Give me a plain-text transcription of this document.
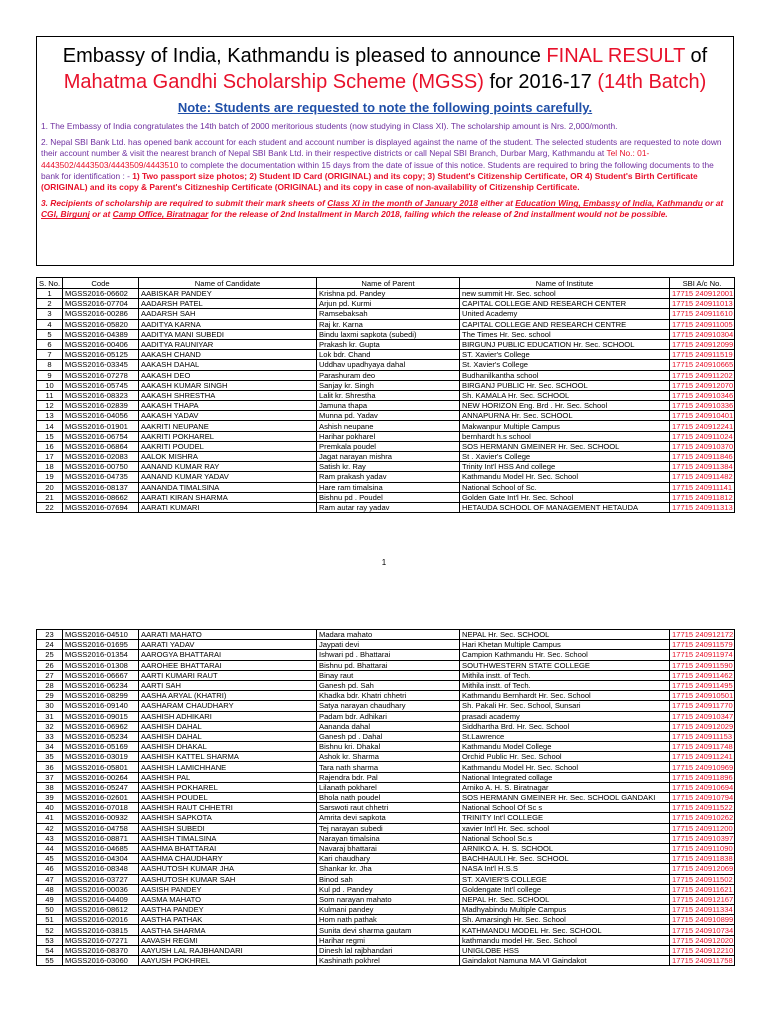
Embassy of India, Kathmandu is pleased to announce FINAL RESULT of
Mahatma Gandhi Scholarship Scheme (MGSS) for 2016-17 (14th Batch)
Note: Students are requested to note the following points carefully.
1. The Embassy of India congratulates the 14th batch of 2000 meritorious students (now studying in Class XI). The scholarship amount is Nrs. 2,000/month.
2. Nepal SBI Bank Ltd. has opened bank account for each student and account number is displayed against the name of the student. The selected students are requested to note down their account number & visit the nearest branch of Nepal SBI Bank Ltd. in their respective districts or call Nepal SBI Branch, Durbar Marg, Kathmandu at Tel No.: 01-4443502/4443503/4443509/4443510 to complete the documentation within 15 days from the date of issue of this notice. Students are required to bring the following documents to the bank for identification : - 1) Two passport size photos; 2) Student ID Card (ORIGINAL) and its copy; 3) Student's Citizenship Certificate, OR 4) Student's Birth Certificate (ORIGINAL) and its copy & Parent's Citizneship Certificate (ORIGINAL) and its copy in case of non-availability of Citizenship Certificate.
3. Recipients of scholarship are required to submit their mark sheets of Class XI in the month of January 2018 either at Education Wing, Embassy of India, Kathmandu or at CGI, Birgunj or at Camp Office, Biratnagar for the release of 2nd Installment in March 2018, failing which the release of 2nd installment would not be possible.
S. No.	Code	Name of Candidate	Name of Parent	Name of Institute	SBI A/c No.
1	MGSS2016-06602	AABISKAR PANDEY	Krishna pd. Pandey	new summit Hr. Sec. school	17715 240912001
2	MGSS2016-07704	AADARSH PATEL	Arjun pd. Kurmi	CAPITAL COLLEGE AND RESEARCH CENTER	17715 240911013
3	MGSS2016-00286	AADARSH SAH	Ramsebaksah	United Academy	17715 240911610
4	MGSS2016-05820	AADITYA KARNA	Raj kr. Karna	CAPITAL COLLEGE AND RESEARCH CENTRE	17715 240911005
5	MGSS2016-04389	AADITYA MANI SUBEDI	Bindu laxmi sapkota (subedi)	The Times Hr. Sec. school	17715 240910304
6	MGSS2016-00406	AADITYA RAUNIYAR	Prakash kr. Gupta	BIRGUNJ PUBLIC EDUCATION Hr. Sec. SCHOOL	17715 240912099
7	MGSS2016-05125	AAKASH CHAND	Lok bdr. Chand	ST. Xavier's College	17715 240911519
8	MGSS2016-03345	AAKASH DAHAL	Uddhav upadhyaya dahal	St. Xavier's College	17715 240910665
9	MGSS2016-07278	AAKASH DEO	Parashuram deo	Budhanilkantha school	17715 240911202
10	MGSS2016-05745	AAKASH KUMAR SINGH	Sanjay kr. Singh	BIRGANJ PUBLIC Hr. Sec. SCHOOL	17715 240912070
11	MGSS2016-08323	AAKASH SHRESTHA	Lalit kr. Shrestha	Sh. KAMALA Hr. Sec. SCHOOL	17715 240910346
12	MGSS2016-02839	AAKASH THAPA	Jamuna thapa	NEW HORIZON Eng. Brd . Hr. Sec. School	17715 240910336
13	MGSS2016-04056	AAKASH YADAV	Munna pd. Yadav	ANNAPURNA Hr. Sec. SCHOOL	17715 240910401
14	MGSS2016-01901	AAKRITI NEUPANE	Ashish neupane	Makwanpur Multiple Campus	17715 240912241
15	MGSS2016-06754	AAKRITI POKHAREL	Harihar pokharel	bernhardt h.s school	17715 240911024
16	MGSS2016-06864	AAKRITI POUDEL	Premkala poudel	SOS HERMANN GMEINER Hr. Sec. SCHOOL	17715 240910370
17	MGSS2016-02083	AALOK MISHRA	Jagat narayan mishra	St . Xavier's College	17715 240911846
18	MGSS2016-00750	AANAND KUMAR RAY	Satish kr. Ray	Trinity Int'l HSS And college	17715 240911384
19	MGSS2016-04735	AANAND KUMAR YADAV	Ram prakash yadav	Kathmandu Model Hr. Sec. School	17715 240911482
20	MGSS2016-08137	AANANDA TIMALSINA	Hare ram timalsina	National School of Sc.	17715 240911141
21	MGSS2016-08662	AARATI KIRAN SHARMA	Bishnu pd . Poudel	Golden Gate Int'l Hr. Sec. School	17715 240911812
22	MGSS2016-07694	AARATI KUMARI	Ram autar ray yadav	HETAUDA SCHOOL OF MANAGEMENT HETAUDA	17715 240911313
1
23	MGSS2016-04510	AARATI MAHATO	Madara mahato	NEPAL Hr. Sec. SCHOOL	17715 240912172
24	MGSS2016-01695	AARATI YADAV	Jaypati devi	Hari Khetan Multiple Campus	17715 240911579
25	MGSS2016-01354	AAROGYA BHATTARAI	Ishwari pd . Bhattarai	Campion Kathmandu Hr. Sec. School	17715 240911974
26	MGSS2016-01308	AAROHEE BHATTARAI	Bishnu pd. Bhattarai	SOUTHWESTERN STATE COLLEGE	17715 240911590
27	MGSS2016-06667	AARTI KUMARI RAUT	Binay raut	Mithila instt. of Tech.	17715 240911462
28	MGSS2016-06234	AARTI SAH	Ganesh pd. Sah	Mithila instt. of Tech.	17715 240911495
29	MGSS2016-08299	AASHA ARYAL (KHATRI)	Khadka bdr. Khatri chhetri	Kathmandu Bernhardt Hr. Sec. School	17715 240910501
30	MGSS2016-09140	AASHARAM CHAUDHARY	Satya narayan chaudhary	Sh. Pakali Hr. Sec. School, Sunsari	17715 240911770
31	MGSS2016-09015	AASHISH ADHIKARI	Padam bdr. Adhikari	prasadi academy	17715 240910347
32	MGSS2016-06962	AASHISH DAHAL	Aananda dahal	Siddhartha Brd. Hr. Sec. School	17715 240912029
33	MGSS2016-05234	AASHISH DAHAL	Ganesh pd . Dahal	St.Lawrence	17715 240911153
34	MGSS2016-05169	AASHISH DHAKAL	Bishnu kri. Dhakal	Kathmandu Model College	17715 240911748
35	MGSS2016-03019	AASHISH KATTEL SHARMA	Ashok kr. Sharma	Orchid Public Hr. Sec. School	17715 240911241
36	MGSS2016-05801	AASHISH LAMICHHANE	Tara nath sharma	Kathmandu Model Hr. Sec. School	17715 240910969
37	MGSS2016-00264	AASHISH PAL	Rajendra bdr. Pal	National Integrated collage	17715 240911896
38	MGSS2016-05247	AASHISH POKHAREL	Lilanath pokharel	Arniko A. H. S. Biratnagar	17715 240910694
39	MGSS2016-02601	AASHISH POUDEL	Bhola nath poudel	SOS HERMANN GMEINER Hr. Sec. SCHOOL GANDAKI	17715 240910794
40	MGSS2016-07018	AASHISH RAUT CHHETRI	Sarswoti raut chhetri	National School Of Sc s	17715 240911522
41	MGSS2016-00932	AASHISH SAPKOTA	Amrita devi sapkota	TRINITY Int'l COLLEGE	17715 240910262
42	MGSS2016-04758	AASHISH SUBEDI	Tej narayan subedi	xavier Int'l Hr. Sec. school	17715 240911200
43	MGSS2016-08871	AASHISH TIMALSINA	Narayan timalsina	National School Sc.s	17715 240910397
44	MGSS2016-04685	AASHMA BHATTARAI	Navaraj bhattarai	ARNIKO A. H. S. SCHOOL	17715 240911090
45	MGSS2016-04304	AASHMA CHAUDHARY	Kari chaudhary	BACHHAULI Hr. Sec. SCHOOL	17715 240911838
46	MGSS2016-08348	AASHUTOSH KUMAR JHA	Shankar kr. Jha	NASA Int'l H.S.S	17715 240912069
47	MGSS2016-03727	AASHUTOSH KUMAR SAH	Binod sah	ST. XAVIER'S COLLEGE	17715 240911502
48	MGSS2016-00036	AASISH PANDEY	Kul pd . Pandey	Goldengate Int'l college	17715 240911621
49	MGSS2016-04409	AASMA MAHATO	Som narayan mahato	NEPAL Hr. Sec. SCHOOL	17715 240912167
50	MGSS2016-08612	AASTHA PANDEY	Kulmani pandey	Madhyabindu Multiple Campus	17715 240911334
51	MGSS2016-02016	AASTHA PATHAK	Hom nath pathak	Sh. Amarsingh Hr. Sec. School	17715 240910899
52	MGSS2016-03815	AASTHA SHARMA	Sunita devi sharma gautam	KATHMANDU MODEL Hr. Sec. SCHOOL	17715 240910734
53	MGSS2016-07271	AAVASH REGMI	Harihar regmi	kathmandu model Hr. Sec. School	17715 240912020
54	MGSS2016-08370	AAYUSH LAL RAJBHANDARI	Dinesh lal rajbhandari	UNIGLOBE HSS	17715 240912210
55	MGSS2016-03060	AAYUSH POKHREL	Kashinath pokhrel	Gaindakot Namuna MA VI Gaindakot	17715 240911758
